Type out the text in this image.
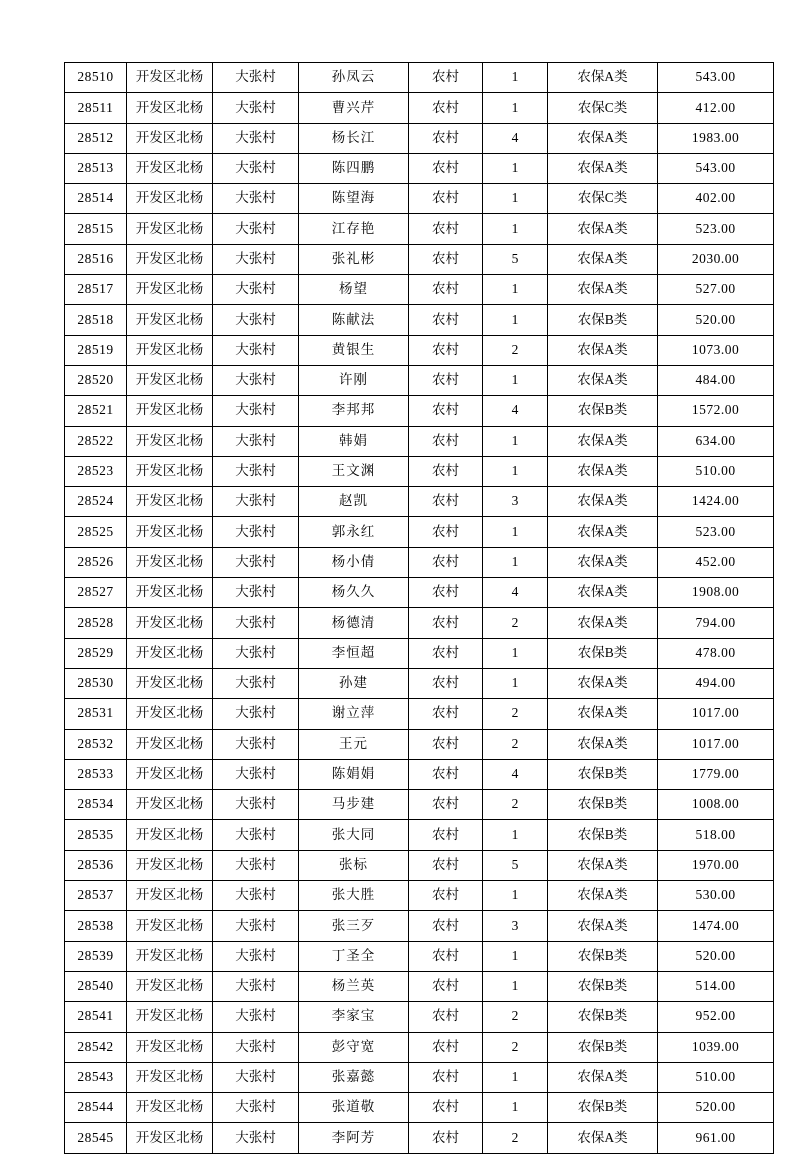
28510	开发区北杨	大张村	孙凤云	农村	1	农保A类	543.00
28511	开发区北杨	大张村	曹兴芹	农村	1	农保C类	412.00
28512	开发区北杨	大张村	杨长江	农村	4	农保A类	1983.00
28513	开发区北杨	大张村	陈四鹏	农村	1	农保A类	543.00
28514	开发区北杨	大张村	陈望海	农村	1	农保C类	402.00
28515	开发区北杨	大张村	江存艳	农村	1	农保A类	523.00
28516	开发区北杨	大张村	张礼彬	农村	5	农保A类	2030.00
28517	开发区北杨	大张村	杨望	农村	1	农保A类	527.00
28518	开发区北杨	大张村	陈献法	农村	1	农保B类	520.00
28519	开发区北杨	大张村	黄银生	农村	2	农保A类	1073.00
28520	开发区北杨	大张村	许刚	农村	1	农保A类	484.00
28521	开发区北杨	大张村	李邦邦	农村	4	农保B类	1572.00
28522	开发区北杨	大张村	韩娟	农村	1	农保A类	634.00
28523	开发区北杨	大张村	王文渊	农村	1	农保A类	510.00
28524	开发区北杨	大张村	赵凯	农村	3	农保A类	1424.00
28525	开发区北杨	大张村	郭永红	农村	1	农保A类	523.00
28526	开发区北杨	大张村	杨小倩	农村	1	农保A类	452.00
28527	开发区北杨	大张村	杨久久	农村	4	农保A类	1908.00
28528	开发区北杨	大张村	杨德清	农村	2	农保A类	794.00
28529	开发区北杨	大张村	李恒超	农村	1	农保B类	478.00
28530	开发区北杨	大张村	孙建	农村	1	农保A类	494.00
28531	开发区北杨	大张村	谢立萍	农村	2	农保A类	1017.00
28532	开发区北杨	大张村	王元	农村	2	农保A类	1017.00
28533	开发区北杨	大张村	陈娟娟	农村	4	农保B类	1779.00
28534	开发区北杨	大张村	马步建	农村	2	农保B类	1008.00
28535	开发区北杨	大张村	张大同	农村	1	农保B类	518.00
28536	开发区北杨	大张村	张标	农村	5	农保A类	1970.00
28537	开发区北杨	大张村	张大胜	农村	1	农保A类	530.00
28538	开发区北杨	大张村	张三歹	农村	3	农保A类	1474.00
28539	开发区北杨	大张村	丁圣全	农村	1	农保B类	520.00
28540	开发区北杨	大张村	杨兰英	农村	1	农保B类	514.00
28541	开发区北杨	大张村	李家宝	农村	2	农保B类	952.00
28542	开发区北杨	大张村	彭守宽	农村	2	农保B类	1039.00
28543	开发区北杨	大张村	张嘉懿	农村	1	农保A类	510.00
28544	开发区北杨	大张村	张道敬	农村	1	农保B类	520.00
28545	开发区北杨	大张村	李阿芳	农村	2	农保A类	961.00
